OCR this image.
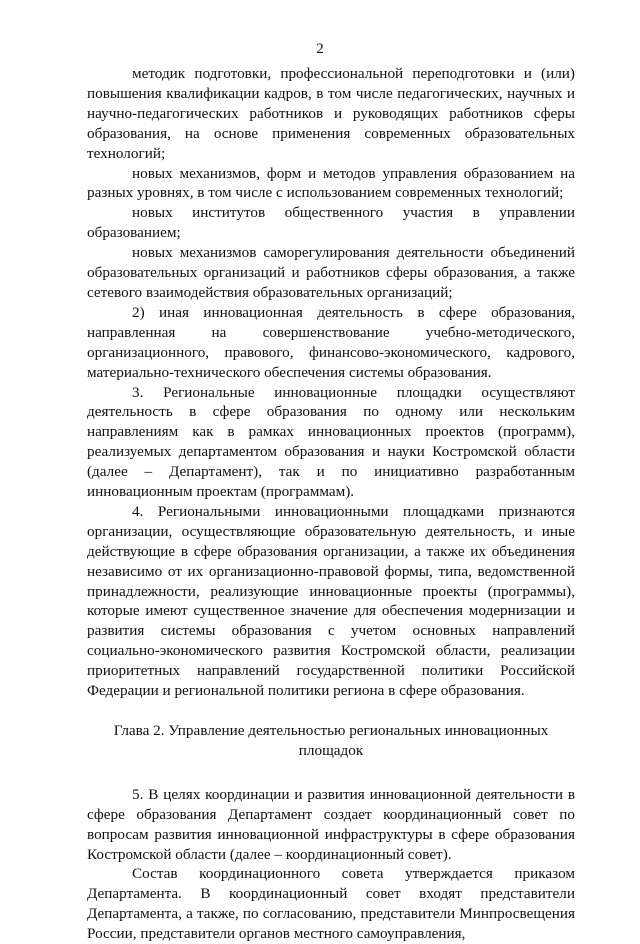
2

методик подготовки, профессиональной переподготовки и (или) повышения квалификации кадров, в том числе педагогических, научных и научно-педагогических работников и руководящих работников сферы образования, на основе применения современных образовательных технологий;

новых механизмов, форм и методов управления образованием на разных уровнях, в том числе с использованием современных технологий;

новых институтов общественного участия в управлении образованием;

новых механизмов саморегулирования деятельности объединений образовательных организаций и работников сферы образования, а также сетевого взаимодействия образовательных организаций;

2) иная инновационная деятельность в сфере образования, направленная на совершенствование учебно-методического, организационного, правового, финансово-экономического, кадрового, материально-технического обеспечения системы образования.

3. Региональные инновационные площадки осуществляют деятельность в сфере образования по одному или нескольким направлениям как в рамках инновационных проектов (программ), реализуемых департаментом образования и науки Костромской области (далее – Департамент), так и по инициативно разработанным инновационным проектам (программам).

4. Региональными инновационными площадками признаются организации, осуществляющие образовательную деятельность, и иные действующие в сфере образования организации, а также их объединения независимо от их организационно-правовой формы, типа, ведомственной принадлежности, реализующие инновационные проекты (программы), которые имеют существенное значение для обеспечения модернизации и развития системы образования с учетом основных направлений социально-экономического развития Костромской области, реализации приоритетных направлений государственной политики Российской Федерации и региональной политики региона в сфере образования.

Глава 2. Управление деятельностью региональных инновационных
площадок

5. В целях координации и развития инновационной деятельности в сфере образования Департамент создает координационный совет по вопросам развития инновационной инфраструктуры в сфере образования Костромской области (далее – координационный совет).

Состав координационного совета утверждается приказом Департамента. В координационный совет входят представители Департамента, а также, по согласованию, представители Минпросвещения России, представители органов местного самоуправления,
